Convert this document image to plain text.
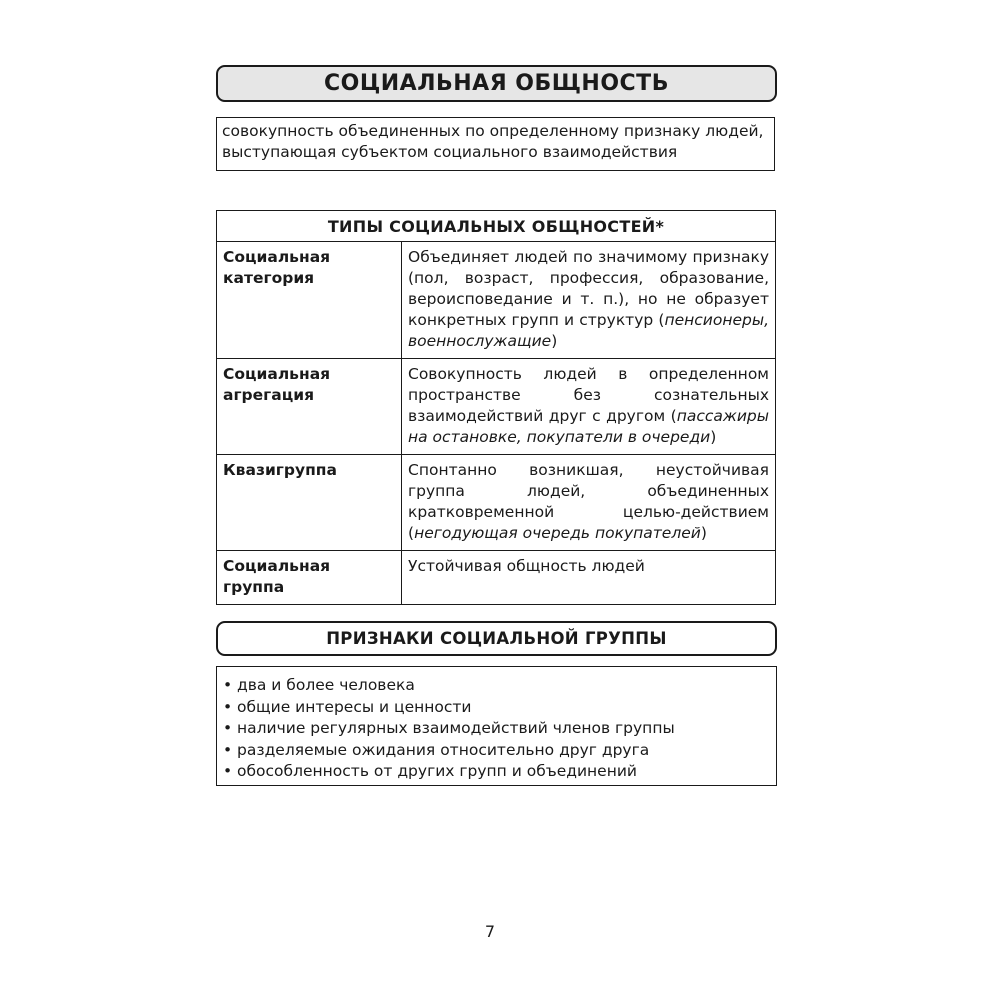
СОЦИАЛЬНАЯ ОБЩНОСТЬ
совокупность объединенных по определенному признаку людей, выступающая субъектом социального взаимодействия
ТИПЫ СОЦИАЛЬНЫХ ОБЩНОСТЕЙ*	
Социальная категория	Объединяет людей по значимому признаку (пол, возраст, профессия, образование, вероисповедание и т. п.), но не образует конкретных групп и структур (пенсионеры, военнослужащие)
Социальная агрегация	Совокупность людей в определенном пространстве без сознательных взаимодействий друг с другом (пассажиры на остановке, покупатели в очереди)
Квазигруппа	Спонтанно возникшая, неустойчивая группа людей, объединенных кратковременной целью-действием (негодующая очередь покупателей)
Социальная группа	Устойчивая общность людей
ПРИЗНАКИ СОЦИАЛЬНОЙ ГРУППЫ
• два и более человека
• общие интересы и ценности
• наличие регулярных взаимодействий членов группы
• разделяемые ожидания относительно друг друга
• обособленность от других групп и объединений
7
